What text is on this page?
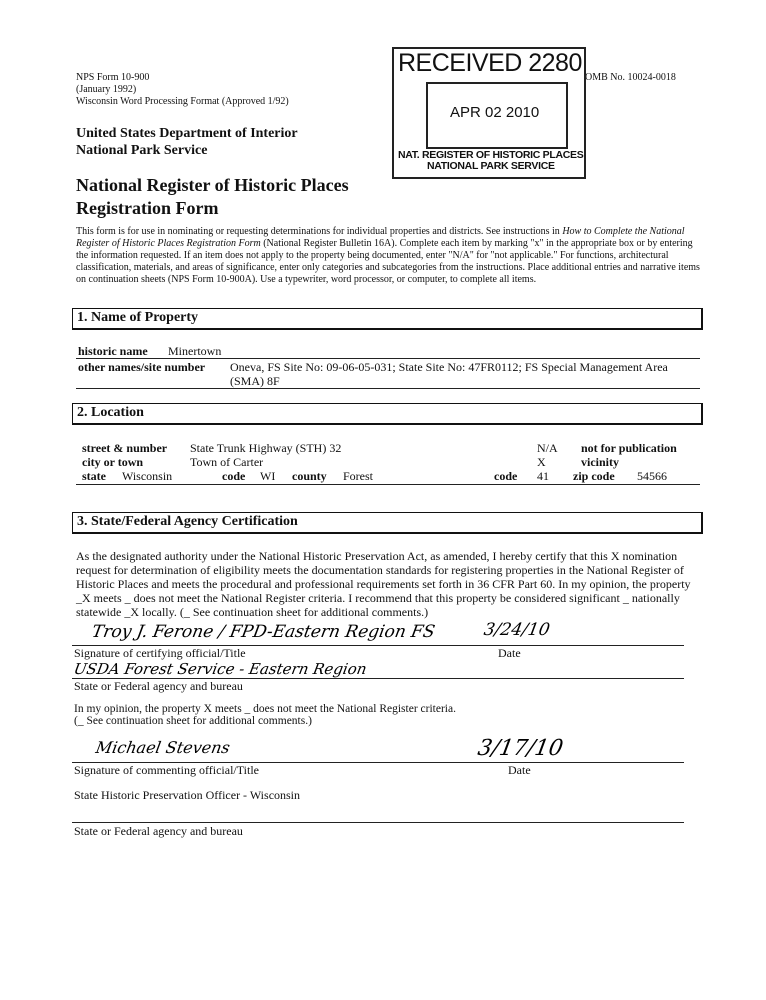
NPS Form 10-900
(January 1992)
Wisconsin Word Processing Format (Approved 1/92)
OMB No. 10024-0018
United States Department of Interior
National Park Service
National Register of Historic Places
Registration Form
RECEIVED 2280
APR 02 2010
NAT. REGISTER OF HISTORIC PLACES
NATIONAL PARK SERVICE
This form is for use in nominating or requesting determinations for individual properties and districts. See instructions in How to Complete the National Register of Historic Places Registration Form (National Register Bulletin 16A). Complete each item by marking "x" in the appropriate box or by entering the information requested. If an item does not apply to the property being documented, enter "N/A" for "not applicable." For functions, architectural classification, materials, and areas of significance, enter only categories and subcategories from the instructions. Place additional entries and narrative items on continuation sheets (NPS Form 10-900A). Use a typewriter, word processor, or computer, to complete all items.
1. Name of Property
historic name Minertown
other names/site number Oneva, FS Site No: 09-06-05-031; State Site No: 47FR0112; FS Special Management Area (SMA) 8F
2. Location
street & number State Trunk Highway (STH) 32	N/A not for publication
city or town	Town of Carter	X	vicinity
state Wisconsin	code WI county Forest	code 41 zip code 54566
3. State/Federal Agency Certification
As the designated authority under the National Historic Preservation Act, as amended, I hereby certify that this X nomination request for determination of eligibility meets the documentation standards for registering properties in the National Register of Historic Places and meets the procedural and professional requirements set forth in 36 CFR Part 60. In my opinion, the property _X meets _ does not meet the National Register criteria. I recommend that this property be considered significant _ nationally statewide _X locally. (_ See continuation sheet for additional comments.)
Troy J. Ferone / FPD-Eastern Region FS	3/24/10
Signature of certifying official/Title	Date
USDA Forest Service - Eastern Region
State or Federal agency and bureau
In my opinion, the property X meets _ does not meet the National Register criteria.
(_ See continuation sheet for additional comments.)
Michael Stevens	3/17/10
Signature of commenting official/Title	Date
State Historic Preservation Officer - Wisconsin
State or Federal agency and bureau
